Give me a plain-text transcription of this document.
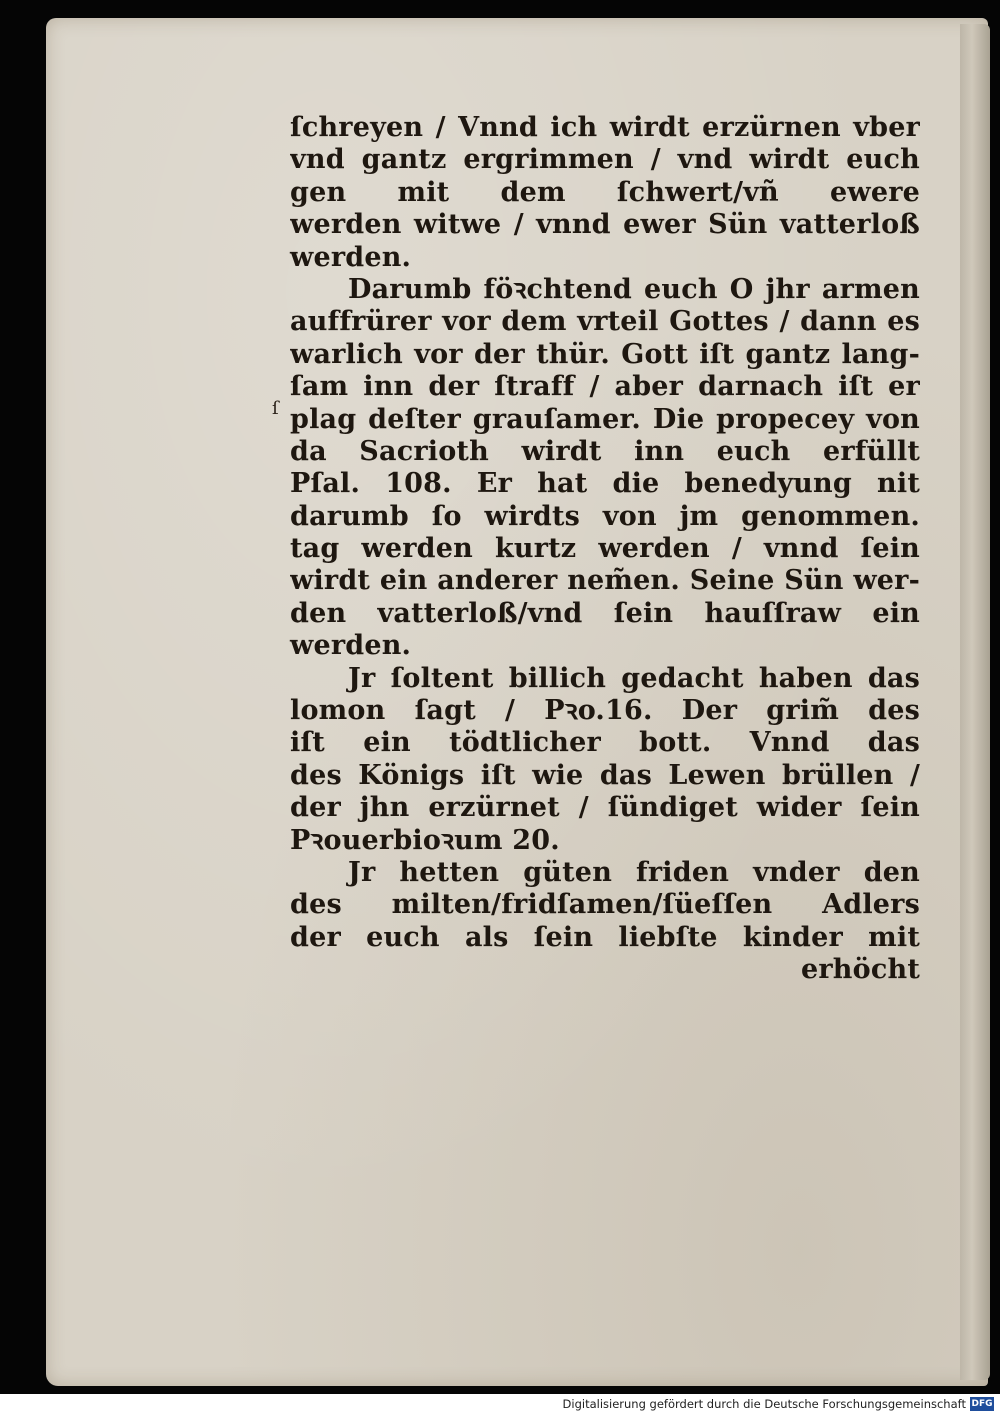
ſ
ſchreyen / Vnnd ich wirdt erzürnen vber
vnd gantz ergrimmen / vnd wirdt euch
gen mit dem ſchwert/vñ ewere
werden witwe / vnnd ewer Sün vatterloß
werden.
Darumb föꝛchtend euch O jhr armen
auffrürer vor dem vrteil Gottes / dann es
warlich vor der thür. Gott iſt gantz lang-
ſam inn der ſtraff / aber darnach iſt er
plag deſter grauſamer. Die propecey von
da Sacrioth wirdt inn euch erfüllt
Pſal. 108. Er hat die benedyung nit
darumb ſo wirdts von jm genommen.
tag werden kurtz werden / vnnd ſein
wirdt ein anderer nem̃en. Seine Sün wer-
den vatterloß/vnd ſein hauſſraw ein
werden.
Jr ſoltent billich gedacht haben das
lomon ſagt / Pꝛo.16. Der grim̃ des
iſt ein tödtlicher bott. Vnnd das
des Königs iſt wie das Lewen brüllen /
der jhn erzürnet / ſündiget wider ſein
Pꝛouerbioꝛum 20.
Jr hetten güten friden vnder den
des milten/fridſamen/ſüeſſen Adlers
der euch als ſein liebſte kinder mit
erhöcht
Digitalisierung gefördert durch die Deutsche Forschungsgemeinschaft DFG
